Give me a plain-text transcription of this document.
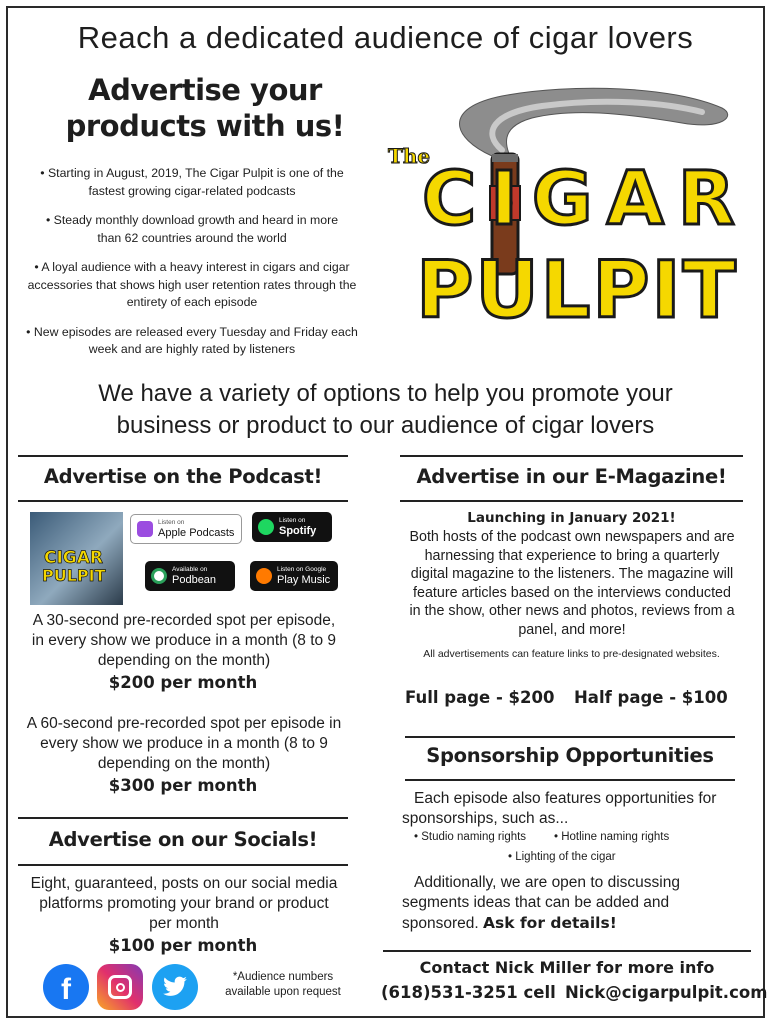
Reach a dedicated audience of cigar lovers
Advertise your
products with us!

• Starting in August, 2019, The Cigar Pulpit is one of the fastest growing cigar-related podcasts

• Steady monthly download growth and heard in more than 62 countries around the world

• A loyal audience with a heavy interest in cigars and cigar accessories that shows high user retention rates through the entirety of each episode

• New episodes are released every Tuesday and Friday each week and are highly rated by listeners

The
CIGAR
PULPIT
We have a variety of options to help you promote your
business or product to our audience of cigar lovers
Advertise on the Podcast!
CIGAR
PULPIT
Listen on
Apple Podcasts
Listen on
Spotify
Available on
Podbean
Listen on Google
Play Music
A 30-second pre-recorded spot per episode, in every show we produce in a month (8 to 9 depending on the month)
$200 per month
A 60-second pre-recorded spot per episode in every show we produce in a month (8 to 9 depending on the month)
$300 per month
Advertise on our Socials!
Eight, guaranteed, posts on our social media platforms promoting your brand or product per month
$100 per month
f	*Audience numbers available upon request
Advertise in our E-Magazine!
Launching in January 2021!
Both hosts of the podcast own newspapers and are harnessing that experience to bring a quarterly digital magazine to the listeners. The magazine will feature articles based on the interviews conducted in the show, other news and photos, reviews from a panel, and more!
All advertisements can feature links to pre-designated websites.
Full page - $200 Half page - $100
Sponsorship Opportunities
Each episode also features opportunities for sponsorships, such as...
• Studio naming rights • Hotline naming rights
• Lighting of the cigar
Additionally, we are open to discussing segments ideas that can be added and sponsored. Ask for details!
Contact Nick Miller for more info
(618)531-3251 cell Nick@cigarpulpit.com
